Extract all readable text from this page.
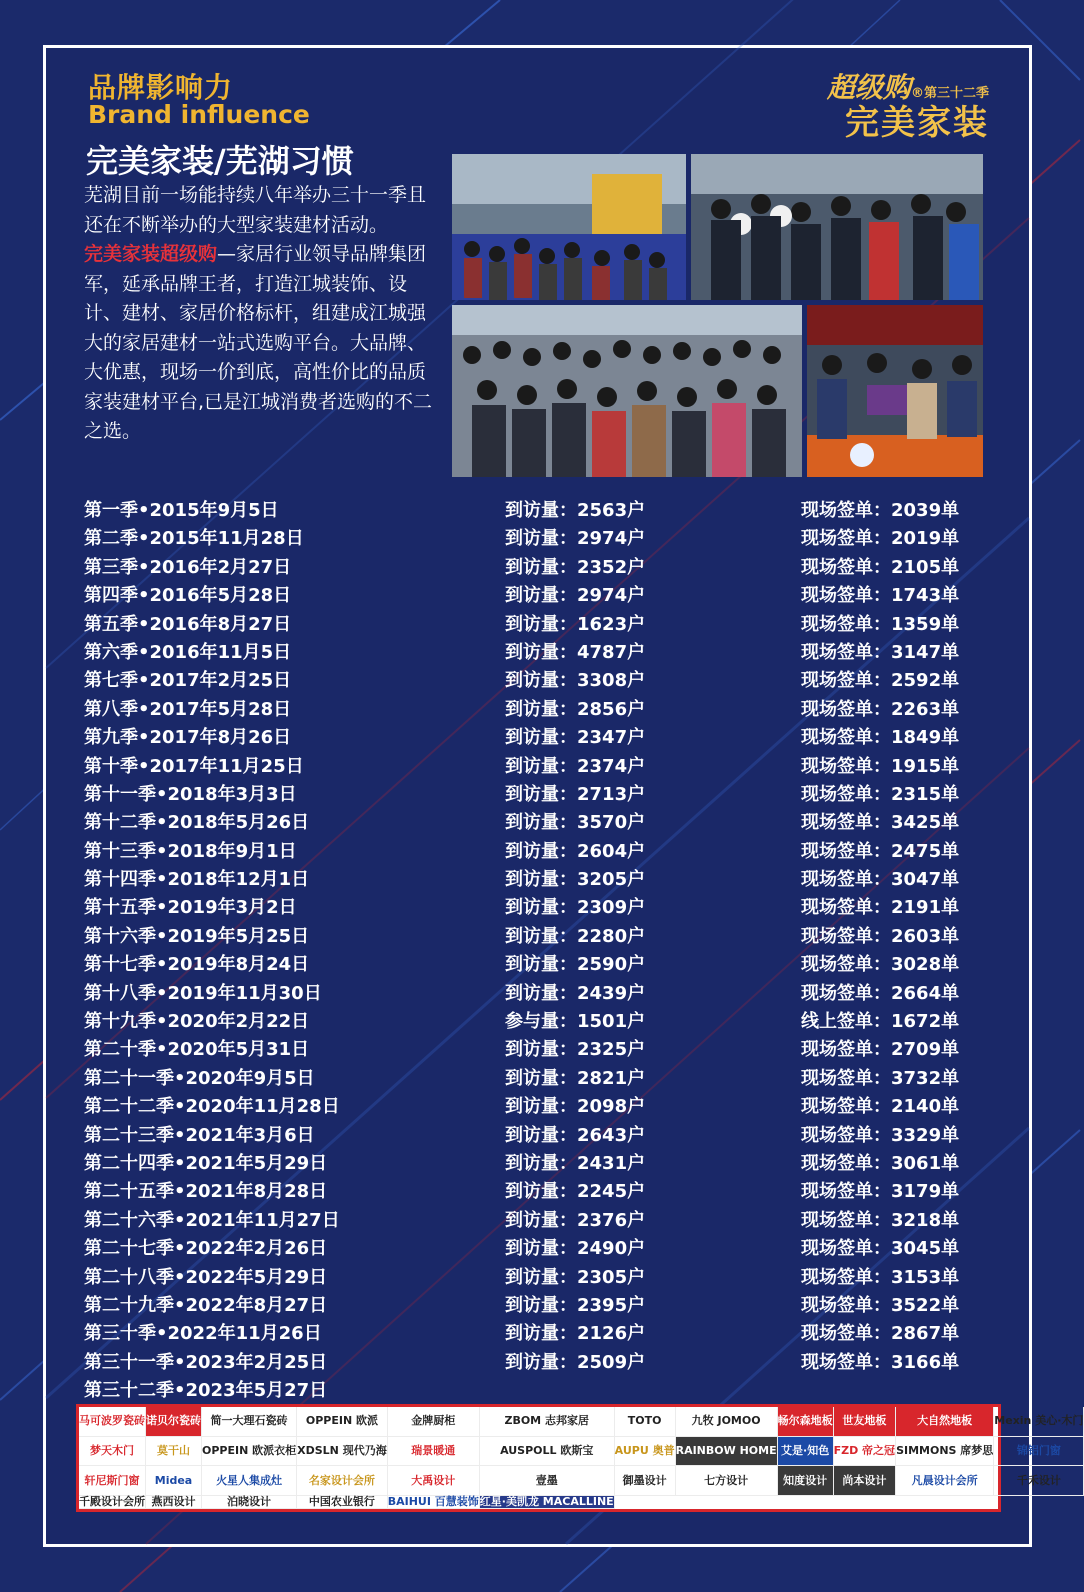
品牌影响力
Brand influence
超级购®第三十二季
完美家装
完美家装/芜湖习惯

芜湖目前一场能持续八年举办三十一季且还在不断举办的大型家装建材活动。

完美家装超级购—家居行业领导品牌集团军，延承品牌王者，打造江城装饰、设计、建材、家居价格标杆，组建成江城强大的家居建材一站式选购平台。大品牌、大优惠，现场一价到底，高性价比的品质家装建材平台,已是江城消费者选购的不二之选。

第一季•2015年9月5日	到访量：2563户	现场签单：2039单
第二季•2015年11月28日	到访量：2974户	现场签单：2019单
第三季•2016年2月27日	到访量：2352户	现场签单：2105单
第四季•2016年5月28日	到访量：2974户	现场签单：1743单
第五季•2016年8月27日	到访量：1623户	现场签单：1359单
第六季•2016年11月5日	到访量：4787户	现场签单：3147单
第七季•2017年2月25日	到访量：3308户	现场签单：2592单
第八季•2017年5月28日	到访量：2856户	现场签单：2263单
第九季•2017年8月26日	到访量：2347户	现场签单：1849单
第十季•2017年11月25日	到访量：2374户	现场签单：1915单
第十一季•2018年3月3日	到访量：2713户	现场签单：2315单
第十二季•2018年5月26日	到访量：3570户	现场签单：3425单
第十三季•2018年9月1日	到访量：2604户	现场签单：2475单
第十四季•2018年12月1日	到访量：3205户	现场签单：3047单
第十五季•2019年3月2日	到访量：2309户	现场签单：2191单
第十六季•2019年5月25日	到访量：2280户	现场签单：2603单
第十七季•2019年8月24日	到访量：2590户	现场签单：3028单
第十八季•2019年11月30日	到访量：2439户	现场签单：2664单
第十九季•2020年2月22日	参与量：1501户	线上签单：1672单
第二十季•2020年5月31日	到访量：2325户	现场签单：2709单
第二十一季•2020年9月5日	到访量：2821户	现场签单：3732单
第二十二季•2020年11月28日	到访量：2098户	现场签单：2140单
第二十三季•2021年3月6日	到访量：2643户	现场签单：3329单
第二十四季•2021年5月29日	到访量：2431户	现场签单：3061单
第二十五季•2021年8月28日	到访量：2245户	现场签单：3179单
第二十六季•2021年11月27日	到访量：2376户	现场签单：3218单
第二十七季•2022年2月26日	到访量：2490户	现场签单：3045单
第二十八季•2022年5月29日	到访量：2305户	现场签单：3153单
第二十九季•2022年8月27日	到访量：2395户	现场签单：3522单
第三十季•2022年11月26日	到访量：2126户	现场签单：2867单
第三十一季•2023年2月25日	到访量：2509户	现场签单：3166单
第三十二季•2023年5月27日
马可波罗瓷砖 诺贝尔瓷砖 简一大理石瓷砖	OPPEIN 欧派	金牌厨柜	ZBOM 志邦家居	TOTO	九牧 JOMOO	畅尔森地板 世友地板	大自然地板	Mexin 美心·木门
梦天木门	莫干山	OPPEIN 欧派衣柜 XDSLN 现代乃海	瑞景暖通	AUSPOLL 欧斯宝	AUPU 奥普 RAINBOW HOME 艾是·知色 FZD 帝之冠 SIMMONS 席梦思	锦铝门窗
轩尼斯门窗	Midea	火星人集成灶	名家设计会所	大禹设计	壹墨	御墨设计	七方设计	知度设计	尚本设计	凡晨设计会所	千禾设计
千殿设计会所 燕西设计	泊晓设计	中国农业银行	BAIHUI 百慧装饰 红星·美凯龙 MACALLINE
